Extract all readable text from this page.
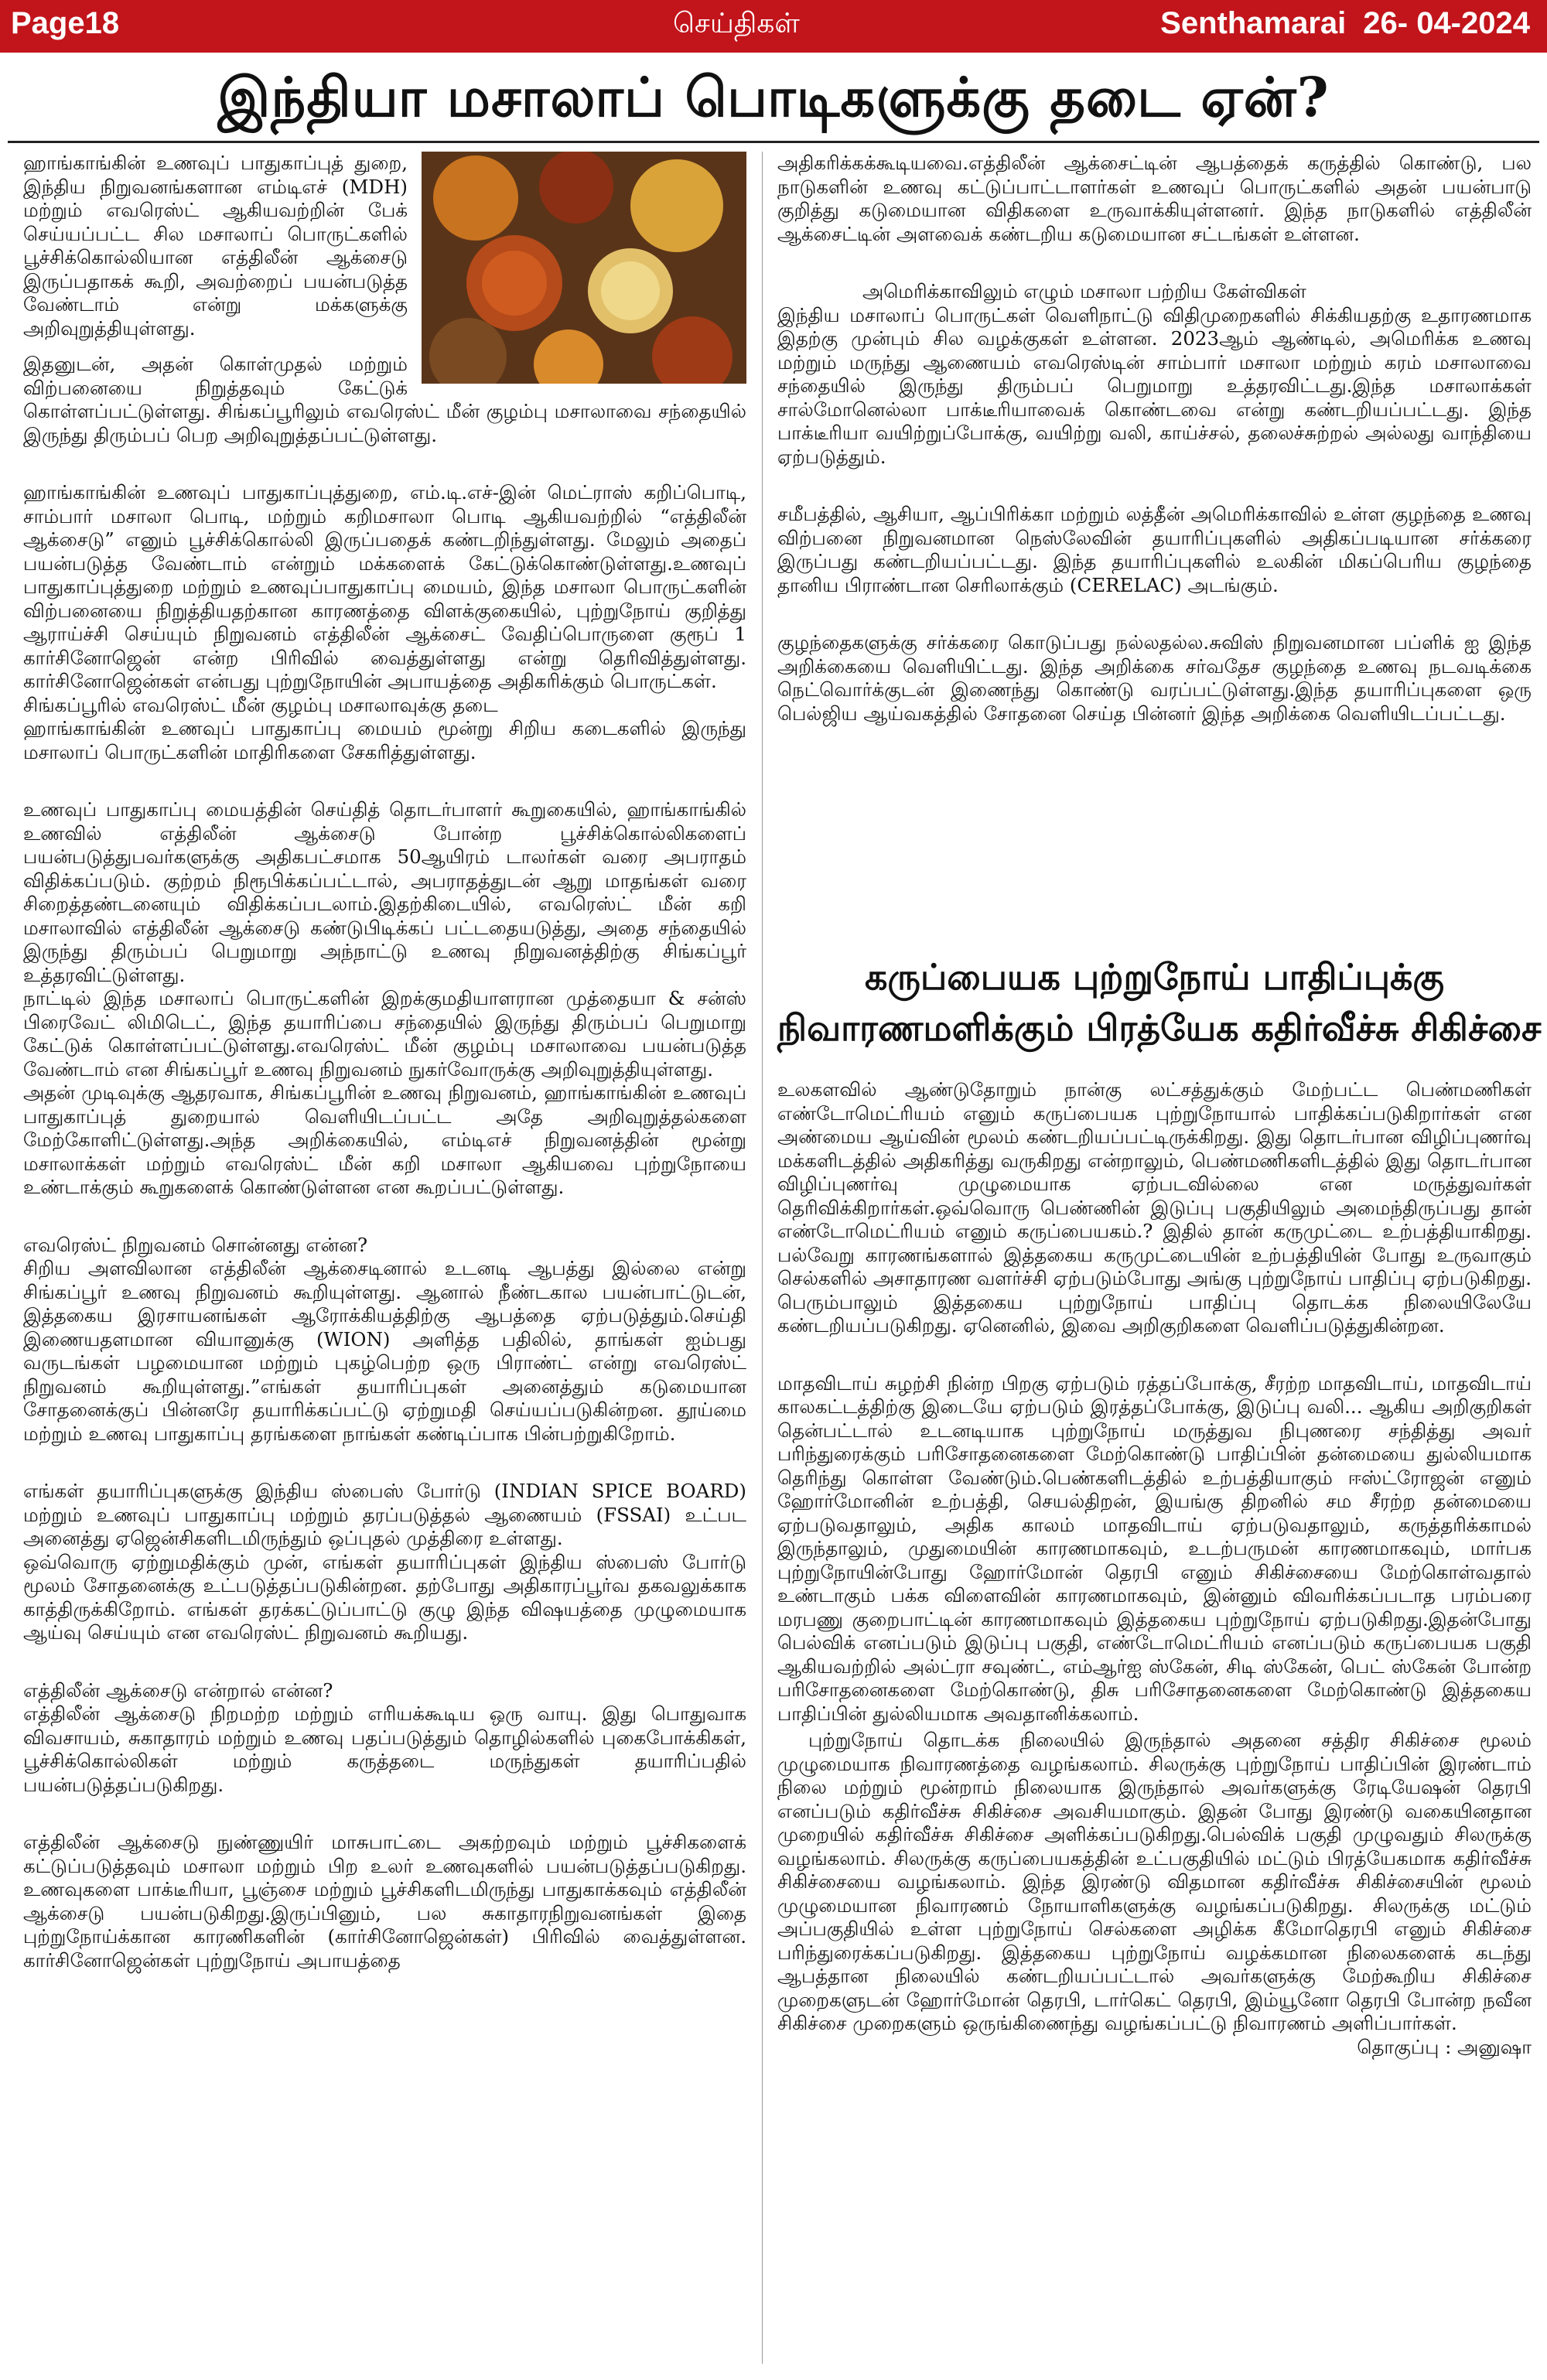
Page18	செய்திகள்	Senthamarai 26- 04-2024
இந்தியா மசாலாப் பொடிகளுக்கு தடை ஏன்?

ஹாங்காங்கின் உணவுப் பாதுகாப்புத் துறை, இந்திய நிறுவனங்களான எம்டிஎச் (MDH) மற்றும் எவரெஸ்ட் ஆகியவற்றின் பேக் செய்யப்பட்ட சில மசாலாப் பொருட்களில் பூச்சிக்கொல்லியான எத்திலீன் ஆக்சைடு இருப்பதாகக் கூறி, அவற்றைப் பயன்படுத்த வேண்டாம் என்று மக்களுக்கு அறிவுறுத்தியுள்ளது.

இதனுடன், அதன் கொள்முதல் மற்றும் விற்பனையை நிறுத்தவும் கேட்டுக் கொள்ளப்பட்டுள்ளது. சிங்கப்பூரிலும் எவரெஸ்ட் மீன் குழம்பு மசாலாவை சந்தையில் இருந்து திரும்பப் பெற அறிவுறுத்தப்பட்டுள்ளது.

ஹாங்காங்கின் உணவுப் பாதுகாப்புத்துறை, எம்.டி.எச்-இன் மெட்ராஸ் கறிப்பொடி, சாம்பார் மசாலா பொடி, மற்றும் கறிமசாலா பொடி ஆகியவற்றில் “எத்திலீன் ஆக்சைடு” எனும் பூச்சிக்கொல்லி இருப்பதைக் கண்டறிந்துள்ளது. மேலும் அதைப் பயன்படுத்த வேண்டாம் என்றும் மக்களைக் கேட்டுக்கொண்டுள்ளது.உணவுப் பாதுகாப்புத்துறை மற்றும் உணவுப்பாதுகாப்பு மையம், இந்த மசாலா பொருட்களின் விற்பனையை நிறுத்தியதற்கான காரணத்தை விளக்குகையில், புற்றுநோய் குறித்து ஆராய்ச்சி செய்யும் நிறுவனம் எத்திலீன் ஆக்சைட் வேதிப்பொருளை குரூப் 1 கார்சினோஜென் என்ற பிரிவில் வைத்துள்ளது என்று தெரிவித்துள்ளது. கார்சினோஜென்கள் என்பது புற்றுநோயின் அபாயத்தை அதிகரிக்கும் பொருட்கள்.

சிங்கப்பூரில் எவரெஸ்ட் மீன் குழம்பு மசாலாவுக்கு தடை

ஹாங்காங்கின் உணவுப் பாதுகாப்பு மையம் மூன்று சிறிய கடைகளில் இருந்து மசாலாப் பொருட்களின் மாதிரிகளை சேகரித்துள்ளது.

உணவுப் பாதுகாப்பு மையத்தின் செய்தித் தொடர்பாளர் கூறுகையில், ஹாங்காங்கில் உணவில் எத்திலீன் ஆக்சைடு போன்ற பூச்சிக்கொல்லிகளைப் பயன்படுத்துபவர்களுக்கு அதிகபட்சமாக 50ஆயிரம் டாலர்கள் வரை அபராதம் விதிக்கப்படும். குற்றம் நிரூபிக்கப்பட்டால், அபராதத்துடன் ஆறு மாதங்கள் வரை சிறைத்தண்டனையும் விதிக்கப்படலாம்.இதற்கிடையில், எவரெஸ்ட் மீன் கறி மசாலாவில் எத்திலீன் ஆக்சைடு கண்டுபிடிக்கப் பட்டதையடுத்து, அதை சந்தையில் இருந்து திரும்பப் பெறுமாறு அந்நாட்டு உணவு நிறுவனத்திற்கு சிங்கப்பூர் உத்தரவிட்டுள்ளது.

நாட்டில் இந்த மசாலாப் பொருட்களின் இறக்குமதியாளரான முத்தையா & சன்ஸ் பிரைவேட் லிமிடெட், இந்த தயாரிப்பை சந்தையில் இருந்து திரும்பப் பெறுமாறு கேட்டுக் கொள்ளப்பட்டுள்ளது.எவரெஸ்ட் மீன் குழம்பு மசாலாவை பயன்படுத்த வேண்டாம் என சிங்கப்பூர் உணவு நிறுவனம் நுகர்வோருக்கு அறிவுறுத்தியுள்ளது.

அதன் முடிவுக்கு ஆதரவாக, சிங்கப்பூரின் உணவு நிறுவனம், ஹாங்காங்கின் உணவுப் பாதுகாப்புத் துறையால் வெளியிடப்பட்ட அதே அறிவுறுத்தல்களை மேற்கோளிட்டுள்ளது.அந்த அறிக்கையில், எம்டிஎச் நிறுவனத்தின் மூன்று மசாலாக்கள் மற்றும் எவரெஸ்ட் மீன் கறி மசாலா ஆகியவை புற்றுநோயை உண்டாக்கும் கூறுகளைக் கொண்டுள்ளன என கூறப்பட்டுள்ளது.

எவரெஸ்ட் நிறுவனம் சொன்னது என்ன?

சிறிய அளவிலான எத்திலீன் ஆக்சைடினால் உடனடி ஆபத்து இல்லை என்று சிங்கப்பூர் உணவு நிறுவனம் கூறியுள்ளது. ஆனால் நீண்டகால பயன்பாட்டுடன், இத்தகைய இரசாயனங்கள் ஆரோக்கியத்திற்கு ஆபத்தை ஏற்படுத்தும்.செய்தி இணையதளமான வியானுக்கு (WION) அளித்த பதிலில், தாங்கள் ஐம்பது வருடங்கள் பழமையான மற்றும் புகழ்பெற்ற ஒரு பிராண்ட் என்று எவரெஸ்ட் நிறுவனம் கூறியுள்ளது.”எங்கள் தயாரிப்புகள் அனைத்தும் கடுமையான சோதனைக்குப் பின்னரே தயாரிக்கப்பட்டு ஏற்றுமதி செய்யப்படுகின்றன. தூய்மை மற்றும் உணவு பாதுகாப்பு தரங்களை நாங்கள் கண்டிப்பாக பின்பற்றுகிறோம்.

எங்கள் தயாரிப்புகளுக்கு இந்திய ஸ்பைஸ் போர்டு (INDIAN SPICE BOARD) மற்றும் உணவுப் பாதுகாப்பு மற்றும் தரப்படுத்தல் ஆணையம் (FSSAI) உட்பட அனைத்து ஏஜென்சிகளிடமிருந்தும் ஒப்புதல் முத்திரை உள்ளது.

ஒவ்வொரு ஏற்றுமதிக்கும் முன், எங்கள் தயாரிப்புகள் இந்திய ஸ்பைஸ் போர்டு மூலம் சோதனைக்கு உட்படுத்தப்படுகின்றன. தற்போது அதிகாரப்பூர்வ தகவலுக்காக காத்திருக்கிறோம். எங்கள் தரக்கட்டுப்பாட்டு குழு இந்த விஷயத்தை முழுமையாக ஆய்வு செய்யும் என எவரெஸ்ட் நிறுவனம் கூறியது.

எத்திலீன் ஆக்சைடு என்றால் என்ன?

எத்திலீன் ஆக்சைடு நிறமற்ற மற்றும் எரியக்கூடிய ஒரு வாயு. இது பொதுவாக விவசாயம், சுகாதாரம் மற்றும் உணவு பதப்படுத்தும் தொழில்களில் புகைபோக்கிகள், பூச்சிக்கொல்லிகள் மற்றும் கருத்தடை மருந்துகள் தயாரிப்பதில் பயன்படுத்தப்படுகிறது.

எத்திலீன் ஆக்சைடு நுண்ணுயிர் மாசுபாட்டை அகற்றவும் மற்றும் பூச்சிகளைக் கட்டுப்படுத்தவும் மசாலா மற்றும் பிற உலர் உணவுகளில் பயன்படுத்தப்படுகிறது. உணவுகளை பாக்டீரியா, பூஞ்சை மற்றும் பூச்சிகளிடமிருந்து பாதுகாக்கவும் எத்திலீன் ஆக்சைடு பயன்படுகிறது.இருப்பினும், பல சுகாதாரநிறுவனங்கள் இதை புற்றுநோய்க்கான காரணிகளின் (கார்சினோஜென்கள்) பிரிவில் வைத்துள்ளன. கார்சினோஜென்கள் புற்றுநோய் அபாயத்தை

அதிகரிக்கக்கூடியவை.எத்திலீன் ஆக்சைட்டின் ஆபத்தைக் கருத்தில் கொண்டு, பல நாடுகளின் உணவு கட்டுப்பாட்டாளர்கள் உணவுப் பொருட்களில் அதன் பயன்பாடு குறித்து கடுமையான விதிகளை உருவாக்கியுள்ளனர். இந்த நாடுகளில் எத்திலீன் ஆக்சைட்டின் அளவைக் கண்டறிய கடுமையான சட்டங்கள் உள்ளன.

அமெரிக்காவிலும் எழும் மசாலா பற்றிய கேள்விகள்

இந்திய மசாலாப் பொருட்கள் வெளிநாட்டு விதிமுறைகளில் சிக்கியதற்கு உதாரணமாக இதற்கு முன்பும் சில வழக்குகள் உள்ளன. 2023ஆம் ஆண்டில், அமெரிக்க உணவு மற்றும் மருந்து ஆணையம் எவரெஸ்டின் சாம்பார் மசாலா மற்றும் கரம் மசாலாவை சந்தையில் இருந்து திரும்பப் பெறுமாறு உத்தரவிட்டது.இந்த மசாலாக்கள் சால்மோனெல்லா பாக்டீரியாவைக் கொண்டவை என்று கண்டறியப்பட்டது. இந்த பாக்டீரியா வயிற்றுப்போக்கு, வயிற்று வலி, காய்ச்சல், தலைச்சுற்றல் அல்லது வாந்தியை ஏற்படுத்தும்.

சமீபத்தில், ஆசியா, ஆப்பிரிக்கா மற்றும் லத்தீன் அமெரிக்காவில் உள்ள குழந்தை உணவு விற்பனை நிறுவனமான நெஸ்லேவின் தயாரிப்புகளில் அதிகப்படியான சர்க்கரை இருப்பது கண்டறியப்பட்டது. இந்த தயாரிப்புகளில் உலகின் மிகப்பெரிய குழந்தை தானிய பிராண்டான செரிலாக்கும் (CERELAC) அடங்கும்.

குழந்தைகளுக்கு சர்க்கரை கொடுப்பது நல்லதல்ல.சுவிஸ் நிறுவனமான பப்ளிக் ஐ இந்த அறிக்கையை வெளியிட்டது. இந்த அறிக்கை சர்வதேச குழந்தை உணவு நடவடிக்கை நெட்வொர்க்குடன் இணைந்து கொண்டு வரப்பட்டுள்ளது.இந்த தயாரிப்புகளை ஒரு பெல்ஜிய ஆய்வகத்தில் சோதனை செய்த பின்னர் இந்த அறிக்கை வெளியிடப்பட்டது.

கருப்பையக புற்றுநோய் பாதிப்புக்கு
நிவாரணமளிக்கும் பிரத்யேக கதிர்வீச்சு சிகிச்சை

உலகளவில் ஆண்டுதோறும் நான்கு லட்சத்துக்கும் மேற்பட்ட பெண்மணிகள் எண்டோமெட்ரியம் எனும் கருப்பையக புற்றுநோயால் பாதிக்கப்படுகிறார்கள் என அண்மைய ஆய்வின் மூலம் கண்டறியப்பட்டிருக்கிறது. இது தொடர்பான விழிப்புணர்வு மக்களிடத்தில் அதிகரித்து வருகிறது என்றாலும், பெண்மணிகளிடத்தில் இது தொடர்பான விழிப்புணர்வு முழுமையாக ஏற்படவில்லை என மருத்துவர்கள் தெரிவிக்கிறார்கள்.ஒவ்வொரு பெண்ணின் இடுப்பு பகுதியிலும் அமைந்திருப்பது தான் எண்டோமெட்ரியம் எனும் கருப்பையகம்.? இதில் தான் கருமுட்டை உற்பத்தியாகிறது. பல்வேறு காரணங்களால் இத்தகைய கருமுட்டையின் உற்பத்தியின் போது உருவாகும் செல்களில் அசாதாரண வளர்ச்சி ஏற்படும்போது அங்கு புற்றுநோய் பாதிப்பு ஏற்படுகிறது. பெரும்பாலும் இத்தகைய புற்றுநோய் பாதிப்பு தொடக்க நிலையிலேயே கண்டறியப்படுகிறது. ஏனெனில், இவை அறிகுறிகளை வெளிப்படுத்துகின்றன.

மாதவிடாய் சுழற்சி நின்ற பிறகு ஏற்படும் ரத்தப்போக்கு, சீரற்ற மாதவிடாய், மாதவிடாய் காலகட்டத்திற்கு இடையே ஏற்படும் இரத்தப்போக்கு, இடுப்பு வலி... ஆகிய அறிகுறிகள் தென்பட்டால் உடனடியாக புற்றுநோய் மருத்துவ நிபுணரை சந்தித்து அவர் பரிந்துரைக்கும் பரிசோதனைகளை மேற்கொண்டு பாதிப்பின் தன்மையை துல்லியமாக தெரிந்து கொள்ள வேண்டும்.பெண்களிடத்தில் உற்பத்தியாகும் ஈஸ்ட்ரோஜன் எனும் ஹோர்மோனின் உற்பத்தி, செயல்திறன், இயங்கு திறனில் சம சீரற்ற தன்மையை ஏற்படுவதாலும், அதிக காலம் மாதவிடாய் ஏற்படுவதாலும், கருத்தரிக்காமல் இருந்தாலும், முதுமையின் காரணமாகவும், உடற்பருமன் காரணமாகவும், மார்பக புற்றுநோயின்போது ஹோர்மோன் தெரபி எனும் சிகிச்சையை மேற்கொள்வதால் உண்டாகும் பக்க விளைவின் காரணமாகவும், இன்னும் விவரிக்கப்படாத பரம்பரை மரபணு குறைபாட்டின் காரணமாகவும் இத்தகைய புற்றுநோய் ஏற்படுகிறது.இதன்போது பெல்விக் எனப்படும் இடுப்பு பகுதி, எண்டோமெட்ரியம் எனப்படும் கருப்பையக பகுதி ஆகியவற்றில் அல்ட்ரா சவுண்ட், எம்ஆர்ஐ ஸ்கேன், சிடி ஸ்கேன், பெட் ஸ்கேன் போன்ற பரிசோதனைகளை மேற்கொண்டு, திசு பரிசோதனைகளை மேற்கொண்டு இத்தகைய பாதிப்பின் துல்லியமாக அவதானிக்கலாம்.

புற்றுநோய் தொடக்க நிலையில் இருந்தால் அதனை சத்திர சிகிச்சை மூலம் முழுமையாக நிவாரணத்தை வழங்கலாம். சிலருக்கு புற்றுநோய் பாதிப்பின் இரண்டாம் நிலை மற்றும் மூன்றாம் நிலையாக இருந்தால் அவர்களுக்கு ரேடியேஷன் தெரபி எனப்படும் கதிர்வீச்சு சிகிச்சை அவசியமாகும். இதன் போது இரண்டு வகையினதான முறையில் கதிர்வீச்சு சிகிச்சை அளிக்கப்படுகிறது.பெல்விக் பகுதி முழுவதும் சிலருக்கு வழங்கலாம். சிலருக்கு கருப்பையகத்தின் உட்பகுதியில் மட்டும் பிரத்யேகமாக கதிர்வீச்சு சிகிச்சையை வழங்கலாம். இந்த இரண்டு விதமான கதிர்வீச்சு சிகிச்சையின் மூலம் முழுமையான நிவாரணம் நோயாளிகளுக்கு வழங்கப்படுகிறது. சிலருக்கு மட்டும் அப்பகுதியில் உள்ள புற்றுநோய் செல்களை அழிக்க கீமோதெரபி எனும் சிகிச்சை பரிந்துரைக்கப்படுகிறது. இத்தகைய புற்றுநோய் வழக்கமான நிலைகளைக் கடந்து ஆபத்தான நிலையில் கண்டறியப்பட்டால் அவர்களுக்கு மேற்கூறிய சிகிச்சை முறைகளுடன் ஹோர்மோன் தெரபி, டார்கெட் தெரபி, இம்யூனோ தெரபி போன்ற நவீன சிகிச்சை முறைகளும் ஒருங்கிணைந்து வழங்கப்பட்டு நிவாரணம் அளிப்பார்கள்.

தொகுப்பு : அனுஷா
